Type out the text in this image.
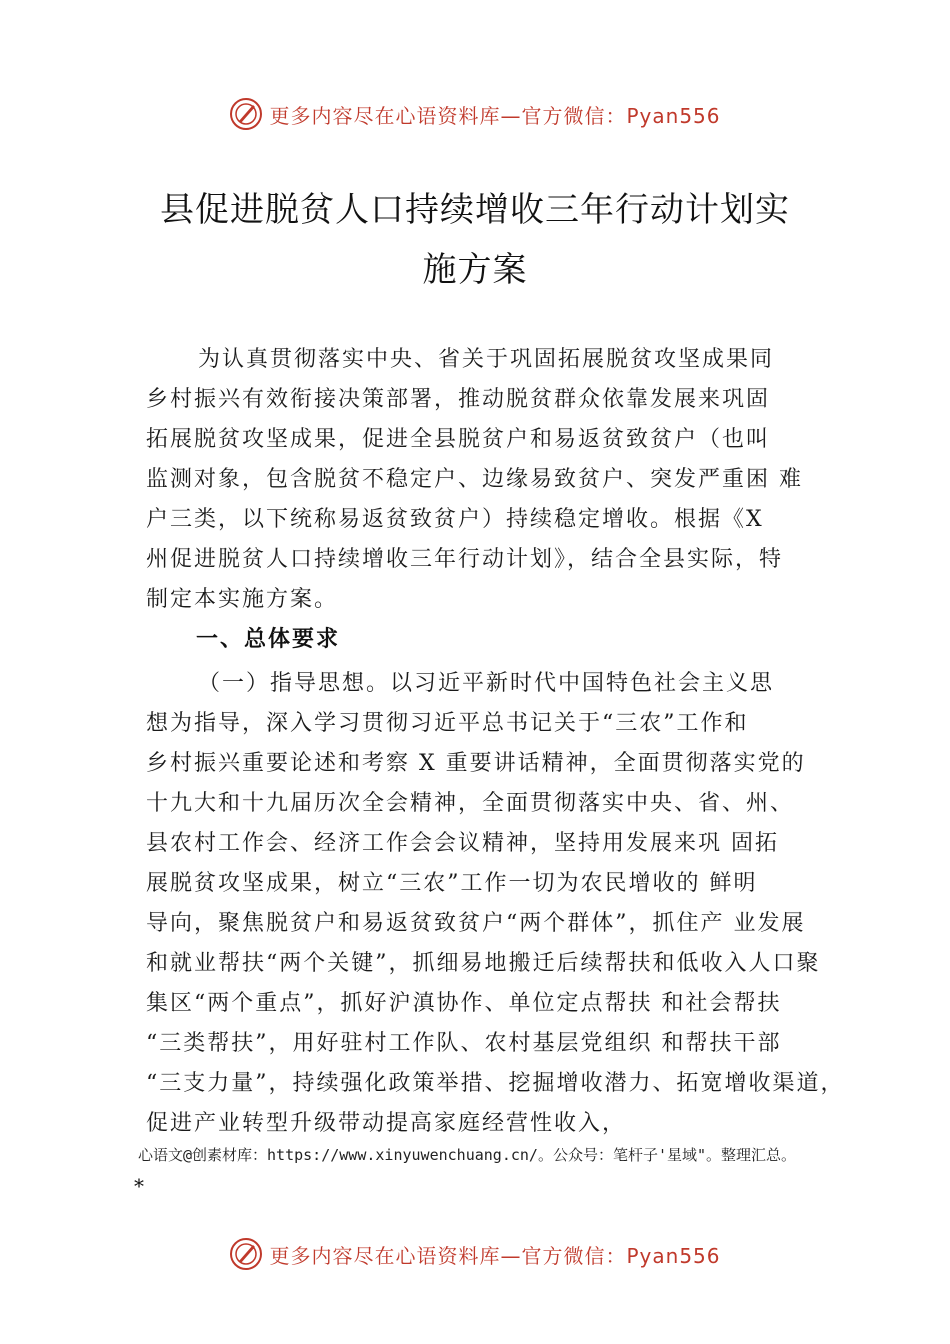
更多内容尽在心语资料库—官方微信：Pyan556
县促进脱贫人口持续增收三年行动计划实
施方案
为认真贯彻落实中央、省关于巩固拓展脱贫攻坚成果同
乡村振兴有效衔接决策部署，推动脱贫群众依靠发展来巩固
拓展脱贫攻坚成果，促进全县脱贫户和易返贫致贫户（也叫
监测对象，包含脱贫不稳定户、边缘易致贫户、突发严重困 难
户三类，以下统称易返贫致贫户）持续稳定增收。根据《X
州促进脱贫人口持续增收三年行动计划》，结合全县实际，特
制定本实施方案。
一、总体要求
（一）指导思想。以习近平新时代中国特色社会主义思
想为指导，深入学习贯彻习近平总书记关于“三农”工作和
乡村振兴重要论述和考察 X 重要讲话精神，全面贯彻落实党的
十九大和十九届历次全会精神，全面贯彻落实中央、省、州、
县农村工作会、经济工作会会议精神，坚持用发展来巩 固拓
展脱贫攻坚成果，树立“三农”工作一切为农民增收的 鲜明
导向，聚焦脱贫户和易返贫致贫户“两个群体”，抓住产 业发展
和就业帮扶“两个关键”，抓细易地搬迁后续帮扶和低收入人口聚
集区“两个重点”，抓好沪滇协作、单位定点帮扶 和社会帮扶
“三类帮扶”，用好驻村工作队、农村基层党组织 和帮扶干部
“三支力量”，持续强化政策举措、挖掘增收潜力、拓宽增收渠道，
促进产业转型升级带动提高家庭经营性收入，
心语文@创素材库：https://www.xinyuwenchuang.cn/。公众号：笔杆子'星域"。整理汇总。
*
更多内容尽在心语资料库—官方微信：Pyan556
